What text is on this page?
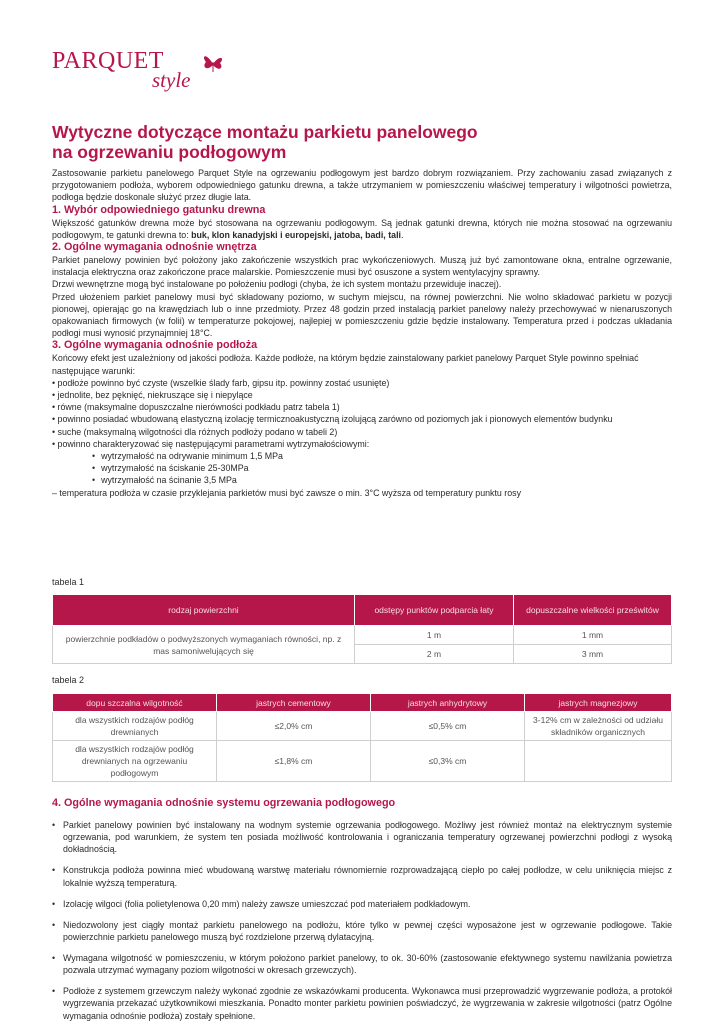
PARQUET
style
Wytyczne dotyczące montażu parkietu panelowego
na ogrzewaniu podłogowym

Zastosowanie parkietu panelowego Parquet Style na ogrzewaniu podłogowym jest bardzo dobrym rozwiązaniem. Przy zachowaniu zasad związanych z przygotowaniem podłoża, wyborem odpowiedniego gatunku drewna, a także utrzymaniem w pomieszczeniu właściwej temperatury i wilgotności powietrza, podłoga będzie doskonale służyć przez długie lata.

1. Wybór odpowiedniego gatunku drewna

Większość gatunków drewna może być stosowana na ogrzewaniu podłogowym. Są jednak gatunki drewna, których nie można stosować na ogrzewaniu podłogowym, te gatunki drewna to: buk, klon kanadyjski i europejski, jatoba, badi, tali.

2. Ogólne wymagania odnośnie wnętrza

Parkiet panelowy powinien być położony jako zakończenie wszystkich prac wykończeniowych. Muszą już być zamontowane okna, entralne ogrzewanie, instalacja elektryczna oraz zakończone prace malarskie. Pomieszczenie musi być osuszone a system wentylacyjny sprawny.

Drzwi wewnętrzne mogą być instalowane po położeniu podłogi (chyba, że ich system montażu przewiduje inaczej).

Przed ułożeniem parkiet panelowy musi być składowany poziomo, w suchym miejscu, na równej powierzchni. Nie wolno składować parkietu w pozycji pionowej, opierając go na krawędziach lub o inne przedmioty. Przez 48 godzin przed instalacją parkiet panelowy należy przechowywać w nienaruszonych opakowaniach firmowych (w folii) w temperaturze pokojowej, najlepiej w pomieszczeniu gdzie będzie instalowany. Temperatura przed i podczas układania podłogi musi wynosić przynajmniej 18°C.

3. Ogólne wymagania odnośnie podłoża

Końcowy efekt jest uzależniony od jakości podłoża. Każde podłoże, na którym będzie zainstalowany parkiet panelowy Parquet Style powinno spełniać następujące warunki:

• podłoże powinno być czyste (wszelkie ślady farb, gipsu itp. powinny zostać usunięte)

• jednolite, bez pęknięć, niekruszące się i niepylące

• równe (maksymalne dopuszczalne nierówności podkładu patrz tabela 1)

• powinno posiadać wbudowaną elastyczną izolację termicznoakustyczną izolującą zarówno od poziomych jak i pionowych elementów budynku

• suche (maksymalną wilgotności dla różnych podłoży podano w tabeli 2)

• powinno charakteryzować się następującymi parametrami wytrzymałościowymi:

• wytrzymałość na odrywanie minimum 1,5 MPa

• wytrzymałość na ściskanie 25-30MPa

• wytrzymałość na ścinanie 3,5 MPa

– temperatura podłoża w czasie przyklejania parkietów musi być zawsze o min. 3°C wyższa od temperatury punktu rosy

tabela 1
rodzaj powierzchni	odstępy punktów podparcia łaty	dopuszczalne wielkości prześwitów
powierzchnie podkładów o podwyższonych wymaganiach równości, np. z mas samoniwelujących się	1 m	1 mm
	2 m	3 mm
tabela 2
dopu szczalna wilgotność	jastrych cementowy	jastrych anhydrytowy	jastrych magnezjowy
dla wszystkich rodzajów podłóg drewnianych	≤2,0% cm	≤0,5% cm	3-12% cm w zależności od udziału składników organicznych
dla wszystkich rodzajów podłóg drewnianych na ogrzewaniu podłogowym	≤1,8% cm	≤0,3% cm	

4. Ogólne wymagania odnośnie systemu ogrzewania podłogowego

• Parkiet panelowy powinien być instalowany na wodnym systemie ogrzewania podłogowego. Możliwy jest również montaż na elektrycznym systemie ogrzewania, pod warunkiem, że system ten posiada możliwość kontrolowania i ograniczania temperatury ogrzewanej powierzchni podłogi z wysoką dokładnością.

• Konstrukcja podłoża powinna mieć wbudowaną warstwę materiału równomiernie rozprowadzającą ciepło po całej podłodze, w celu uniknięcia miejsc z lokalnie wyższą temperaturą.

• Izolację wilgoci (folia polietylenowa 0,20 mm) należy zawsze umieszczać pod materiałem podkładowym.

• Niedozwolony jest ciągły montaż parkietu panelowego na podłożu, które tylko w pewnej części wyposażone jest w ogrzewanie podłogowe. Takie powierzchnie parkietu panelowego muszą być rozdzielone przerwą dylatacyjną.

• Wymagana wilgotność w pomieszczeniu, w którym położono parkiet panelowy, to ok. 30-60% (zastosowanie efektywnego systemu nawilżania powietrza pozwala utrzymać wymagany poziom wilgotności w okresach grzewczych).

• Podłoże z systemem grzewczym należy wykonać zgodnie ze wskazówkami producenta. Wykonawca musi przeprowadzić wygrzewanie podłoża, a protokół wygrzewania przekazać użytkownikowi mieszkania. Ponadto monter parkietu powinien poświadczyć, że wygrzewania w zakresie wilgotności (patrz Ogólne wymagania odnośnie podłoża) zostały spełnione.
